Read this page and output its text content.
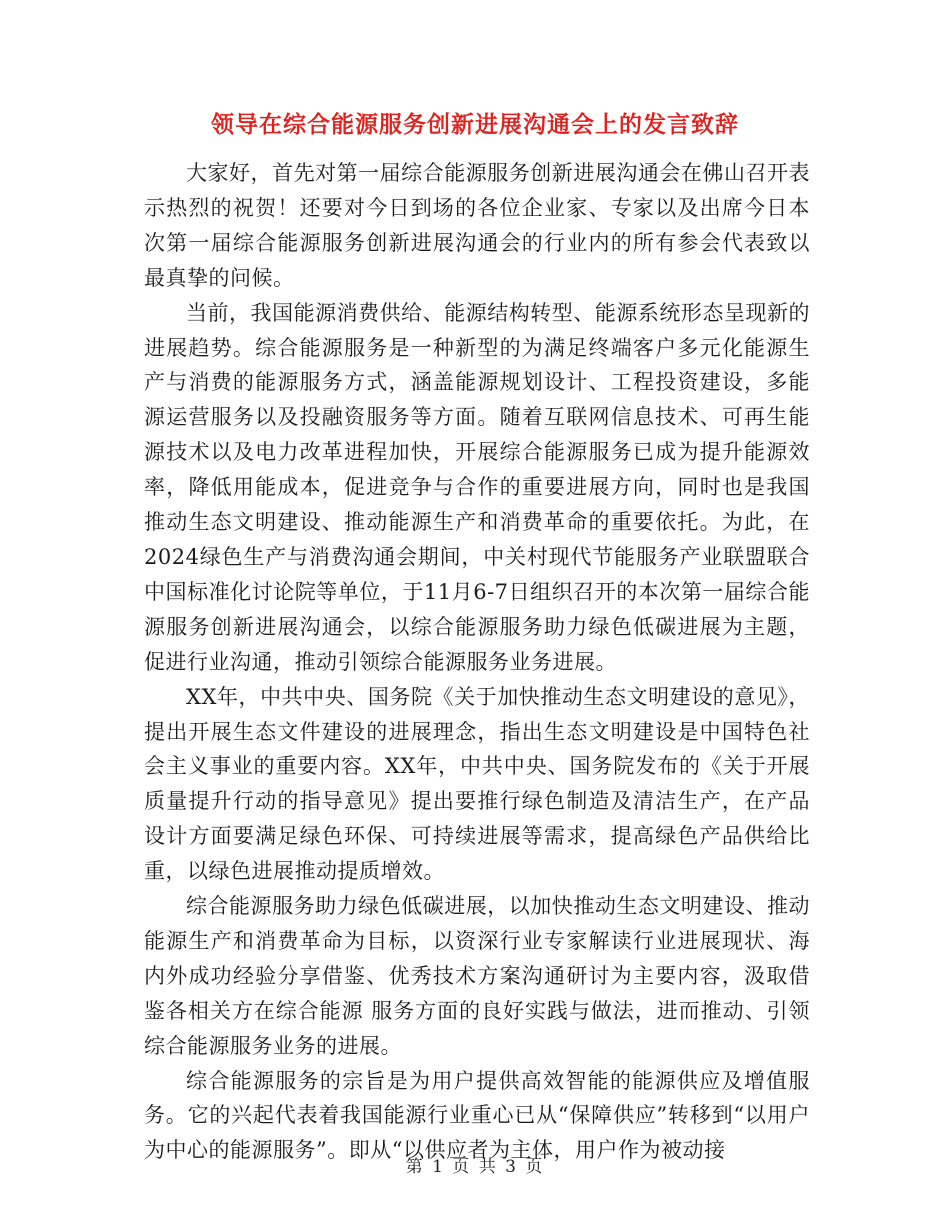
领导在综合能源服务创新进展沟通会上的发言致辞

大家好，首先对第一届综合能源服务创新进展沟通会在佛山召开表示热烈的祝贺！还要对今日到场的各位企业家、专家以及出席今日本次第一届综合能源服务创新进展沟通会的行业内的所有参会代表致以最真挚的问候。

当前，我国能源消费供给、能源结构转型、能源系统形态呈现新的进展趋势。综合能源服务是一种新型的为满足终端客户多元化能源生产与消费的能源服务方式，涵盖能源规划设计、工程投资建设，多能源运营服务以及投融资服务等方面。随着互联网信息技术、可再生能源技术以及电力改革进程加快，开展综合能源服务已成为提升能源效率，降低用能成本，促进竞争与合作的重要进展方向，同时也是我国推动生态文明建设、推动能源生产和消费革命的重要依托。为此，在2024绿色生产与消费沟通会期间，中关村现代节能服务产业联盟联合中国标准化讨论院等单位，于11月6-7日组织召开的本次第一届综合能源服务创新进展沟通会，以综合能源服务助力绿色低碳进展为主题，促进行业沟通，推动引领综合能源服务业务进展。

XX年，中共中央、国务院《关于加快推动生态文明建设的意见》，提出开展生态文件建设的进展理念，指出生态文明建设是中国特色社会主义事业的重要内容。XX年，中共中央、国务院发布的《关于开展质量提升行动的指导意见》提出要推行绿色制造及清洁生产，在产品设计方面要满足绿色环保、可持续进展等需求，提高绿色产品供给比重，以绿色进展推动提质增效。

综合能源服务助力绿色低碳进展，以加快推动生态文明建设、推动能源生产和消费革命为目标，以资深行业专家解读行业进展现状、海内外成功经验分享借鉴、优秀技术方案沟通研讨为主要内容，汲取借鉴各相关方在综合能源 服务方面的良好实践与做法，进而推动、引领综合能源服务业务的进展。

综合能源服务的宗旨是为用户提供高效智能的能源供应及增值服务。它的兴起代表着我国能源行业重心已从“保障供应”转移到“以用户为中心的能源服务”。即从“以供应者为主体，用户作为被动接

第 1 页 共 3 页
